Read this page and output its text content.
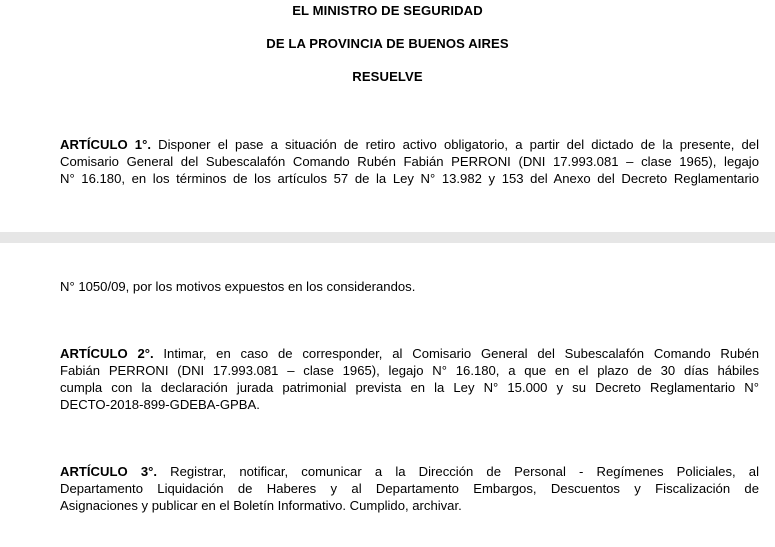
EL MINISTRO DE SEGURIDAD
DE LA PROVINCIA DE BUENOS AIRES
RESUELVE
ARTÍCULO 1°. Disponer el pase a situación de retiro activo obligatorio, a partir del dictado de la presente, del
Comisario General del Subescalafón Comando Rubén Fabián PERRONI (DNI 17.993.081 – clase 1965), legajo
N° 16.180, en los términos de los artículos 57 de la Ley N° 13.982 y 153 del Anexo del Decreto Reglamentario
N° 1050/09, por los motivos expuestos en los considerandos.
ARTÍCULO 2°. Intimar, en caso de corresponder, al Comisario General del Subescalafón Comando Rubén
Fabián PERRONI (DNI 17.993.081 – clase 1965), legajo N° 16.180, a que en el plazo de 30 días hábiles
cumpla con la declaración jurada patrimonial prevista en la Ley N° 15.000 y su Decreto Reglamentario N°
DECTO-2018-899-GDEBA-GPBA.
ARTÍCULO 3°. Registrar, notificar, comunicar a la Dirección de Personal - Regímenes Policiales, al
Departamento Liquidación de Haberes y al Departamento Embargos, Descuentos y Fiscalización de
Asignaciones y publicar en el Boletín Informativo. Cumplido, archivar.
